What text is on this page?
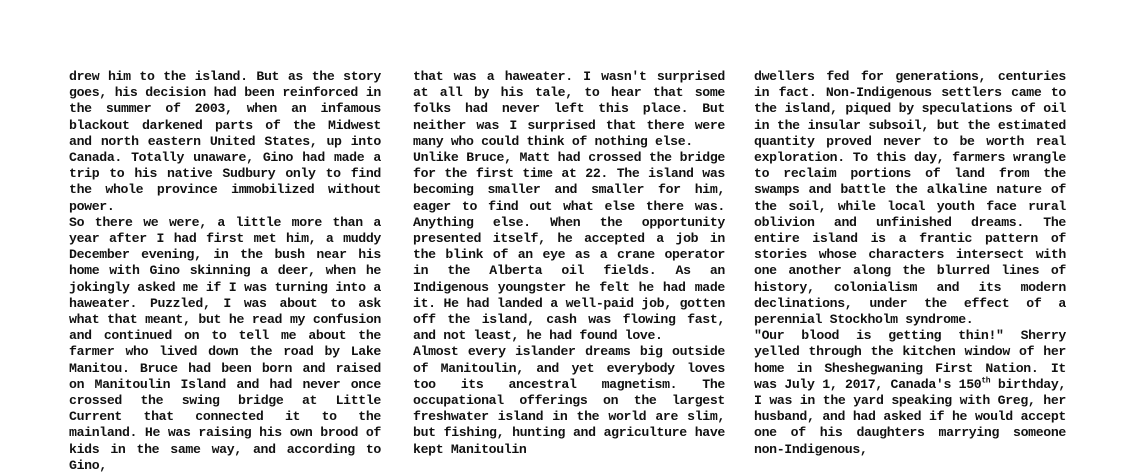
drew him to the island. But as the story goes, his decision had been reinforced in the summer of 2003, when an infamous blackout darkened parts of the Midwest and north eastern United States, up into Canada. Totally unaware, Gino had made a trip to his native Sudbury only to find the whole province immobilized without power.

So there we were, a little more than a year after I had first met him, a muddy December evening, in the bush near his home with Gino skinning a deer, when he jokingly asked me if I was turning into a haweater. Puzzled, I was about to ask what that meant, but he read my confusion and continued on to tell me about the farmer who lived down the road by Lake Manitou. Bruce had been born and raised on Manitoulin Island and had never once crossed the swing bridge at Little Current that connected it to the mainland. He was raising his own brood of kids in the same way, and according to Gino,

that was a haweater. I wasn't surprised at all by his tale, to hear that some folks had never left this place. But neither was I surprised that there were many who could think of nothing else.

Unlike Bruce, Matt had crossed the bridge for the first time at 22. The island was becoming smaller and smaller for him, eager to find out what else there was. Anything else. When the opportunity presented itself, he accepted a job in the blink of an eye as a crane operator in the Alberta oil fields. As an Indigenous youngster he felt he had made it. He had landed a well-paid job, gotten off the island, cash was flowing fast, and not least, he had found love.

Almost every islander dreams big outside of Manitoulin, and yet everybody loves too its ancestral magnetism. The occupational offerings on the largest freshwater island in the world are slim, but fishing, hunting and agriculture have kept Manitoulin

dwellers fed for generations, centuries in fact. Non-Indigenous settlers came to the island, piqued by speculations of oil in the insular subsoil, but the estimated quantity proved never to be worth real exploration. To this day, farmers wrangle to reclaim portions of land from the swamps and battle the alkaline nature of the soil, while local youth face rural oblivion and unfinished dreams. The entire island is a frantic pattern of stories whose characters intersect with one another along the blurred lines of history, colonialism and its modern declinations, under the effect of a perennial Stockholm syndrome.

"Our blood is getting thin!" Sherry yelled through the kitchen window of her home in Sheshegwaning First Nation. It was July 1, 2017, Canada's 150th birthday, I was in the yard speaking with Greg, her husband, and had asked if he would accept one of his daughters marrying someone non-Indigenous,
